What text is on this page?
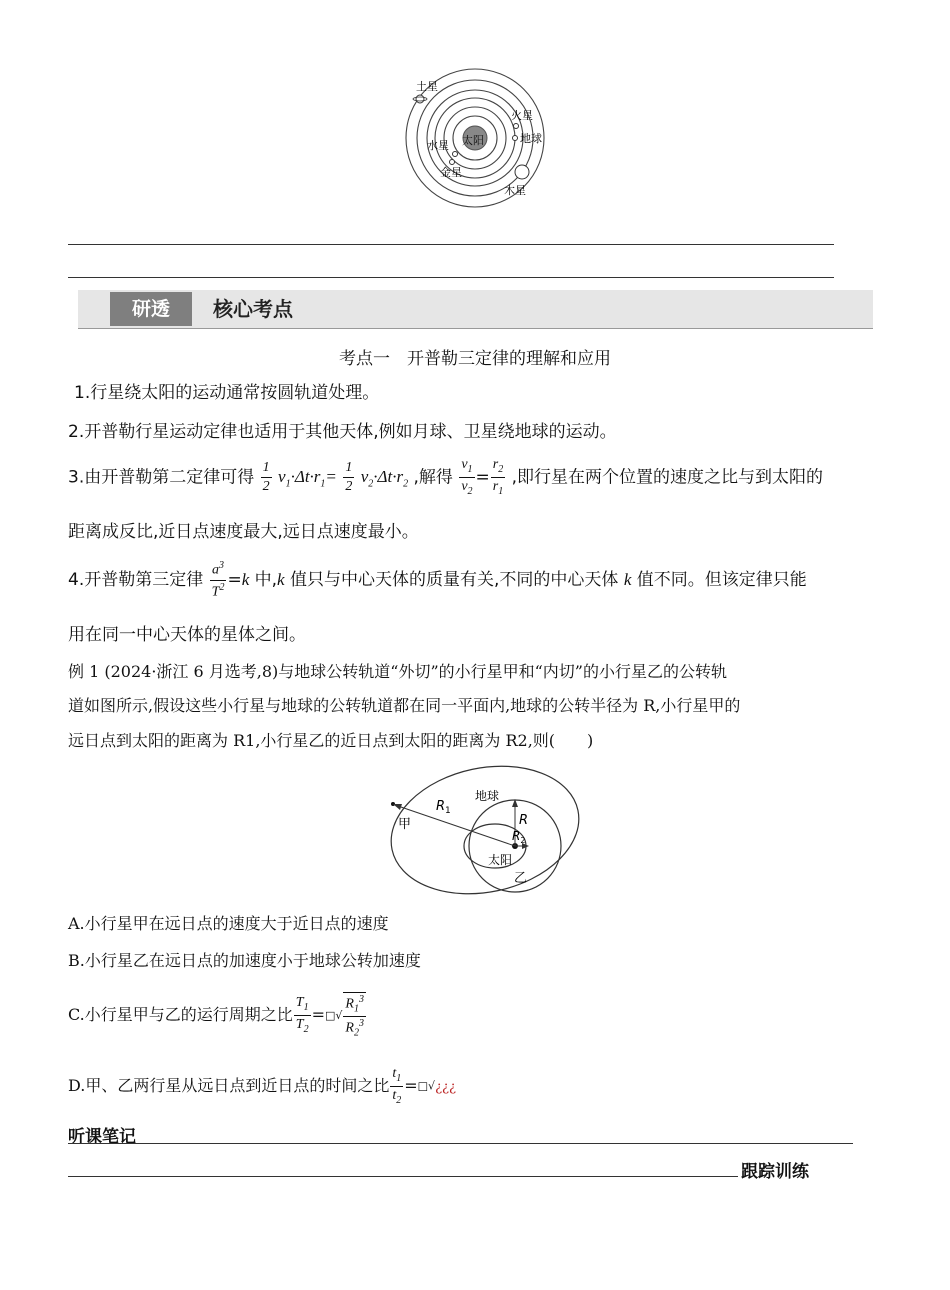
土星
火星
地球
水星 太阳
金星
木星
研透	核心考点
考点一　开普勒三定律的理解和应用
1.行星绕太阳的运动通常按圆轨道处理。
2.开普勒行星运动定律也适用于其他天体,例如月球、卫星绕地球的运动。
3.由开普勒第二定律可得 $\frac{1}{2} v_1\cdot\Delta t\cdot r_1= \frac{1}{2} v_2\cdot\Delta t\cdot r_2$ ,解得 $\frac{v_1}{v_2} = \frac{r_2}{r_1}$ ,即行星在两个位置的速度之比与到太阳的
距离成反比,近日点速度最大,远日点速度最小。
4.开普勒第三定律 $\frac{a^3}{T^2} =k$ 中,k 值只与中心天体的质量有关,不同的中心天体 k 值不同。但该定律只能
用在同一中心天体的星体之间。
例 1 (2024·浙江 6 月选考,8)与地球公转轨道“外切”的小行星甲和“内切”的小行星乙的公转轨
道如图所示,假设这些小行星与地球的公转轨道都在同一平面内,地球的公转半径为 R,小行星甲的
远日点到太阳的距离为 R1,小行星乙的近日点到太阳的距离为 R2,则(　　)
地球
太阳
甲
乙
R
$R_1$
$R_2$
A.小行星甲在远日点的速度大于近日点的速度
B.小行星乙在远日点的加速度小于地球公转加速度
C.小行星甲与乙的运行周期之比 $\frac{T_1}{T_2}$ =□√ $\frac{R_1^3}{R_2^3}$
D.甲、乙两行星从远日点到近日点的时间之比 $\frac{t_1}{t_2}$ =□√¿¿¿
听课笔记
跟踪训练
